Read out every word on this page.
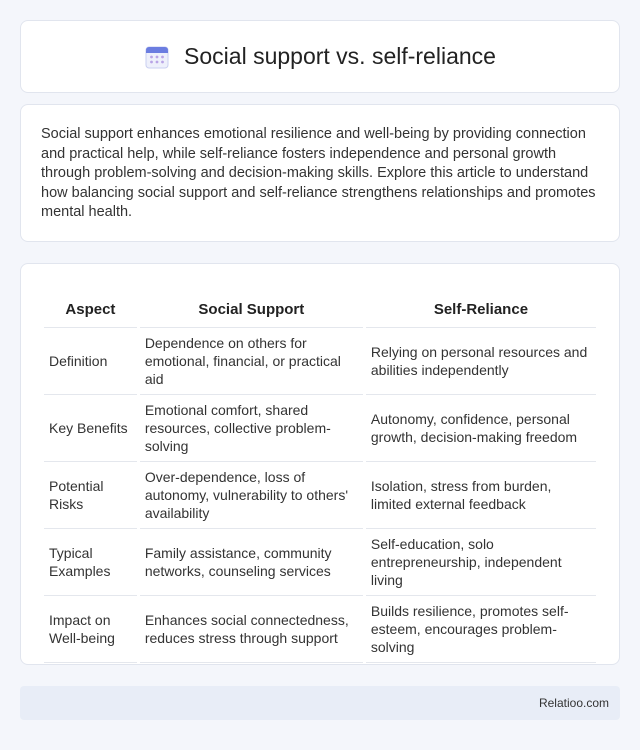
Social support vs. self-reliance

Social support enhances emotional resilience and well-being by providing connection and practical help, while self-reliance fosters independence and personal growth through problem-solving and decision-making skills. Explore this article to understand how balancing social support and self-reliance strengthens relationships and promotes mental health.

Aspect	Social Support	Self-Reliance
Definition	Dependence on others for emotional, financial, or practical aid	Relying on personal resources and abilities independently
Key Benefits	Emotional comfort, shared resources, collective problem-solving	Autonomy, confidence, personal growth, decision-making freedom
Potential Risks	Over-dependence, loss of autonomy, vulnerability to others' availability	Isolation, stress from burden, limited external feedback
Typical Examples	Family assistance, community networks, counseling services	Self-education, solo entrepreneurship, independent living
Impact on Well-being	Enhances social connectedness, reduces stress through support	Builds resilience, promotes self-esteem, encourages problem-solving
Relatioo.com
